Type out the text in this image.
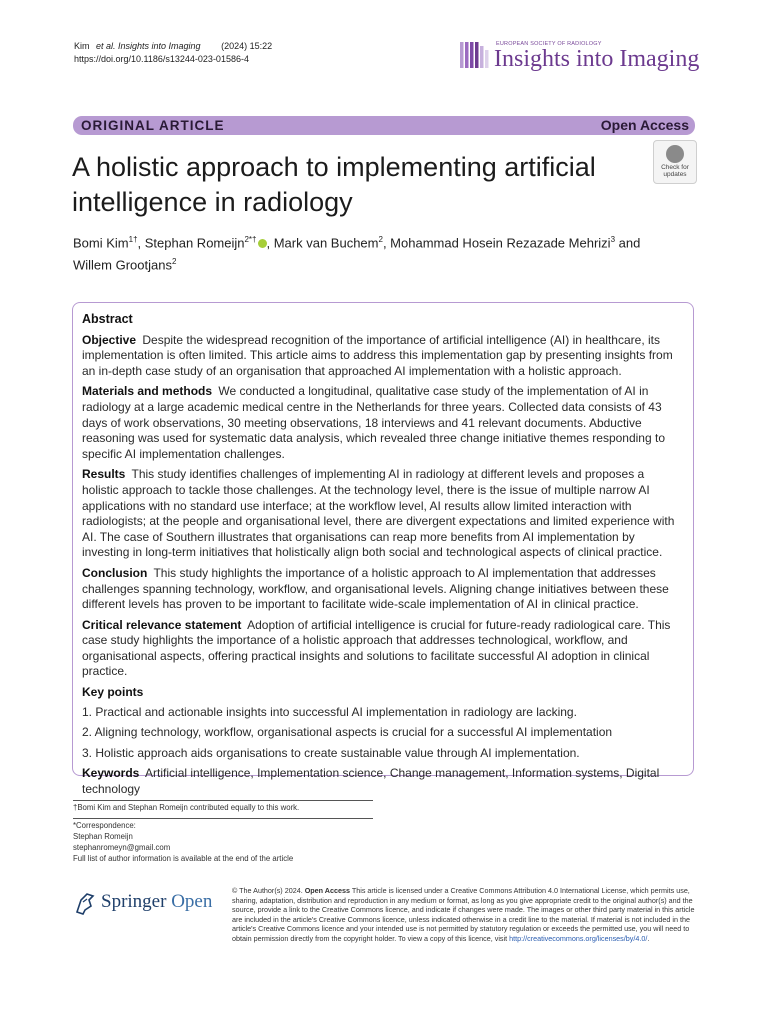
Kim et al. Insights into Imaging (2024) 15:22
https://doi.org/10.1186/s13244-023-01586-4
EUROPEAN SOCIETY OF RADIOLOGY
Insights into Imaging
ORIGINAL ARTICLE	Open Access
A holistic approach to implementing artificial intelligence in radiology
Check for
updates
Bomi Kim$^{1\dagger}$, Stephan Romeijn$^{2*\dagger}$ , Mark van Buchem$^2$, Mohammad Hosein Rezazade Mehrizi$^3$ and
Willem Grootjans$^2$
Abstract

Objective Despite the widespread recognition of the importance of artificial intelligence (AI) in healthcare, its implementation is often limited. This article aims to address this implementation gap by presenting insights from an in-depth case study of an organisation that approached AI implementation with a holistic approach.

Materials and methods We conducted a longitudinal, qualitative case study of the implementation of AI in radiology at a large academic medical centre in the Netherlands for three years. Collected data consists of 43 days of work observations, 30 meeting observations, 18 interviews and 41 relevant documents. Abductive reasoning was used for systematic data analysis, which revealed three change initiative themes responding to specific AI implementation challenges.

Results This study identifies challenges of implementing AI in radiology at different levels and proposes a holistic approach to tackle those challenges. At the technology level, there is the issue of multiple narrow AI applications with no standard use interface; at the workflow level, AI results allow limited interaction with radiologists; at the people and organisational level, there are divergent expectations and limited experience with AI. The case of Southern illustrates that organisations can reap more benefits from AI implementation by investing in long-term initiatives that holistically align both social and technological aspects of clinical practice.

Conclusion This study highlights the importance of a holistic approach to AI implementation that addresses challenges spanning technology, workflow, and organisational levels. Aligning change initiatives between these different levels has proven to be important to facilitate wide-scale implementation of AI in clinical practice.

Critical relevance statement Adoption of artificial intelligence is crucial for future-ready radiological care. This case study highlights the importance of a holistic approach that addresses technological, workflow, and organisational aspects, offering practical insights and solutions to facilitate successful AI adoption in clinical practice.

Key points

1. Practical and actionable insights into successful AI implementation in radiology are lacking.

2. Aligning technology, workflow, organisational aspects is crucial for a successful AI implementation

3. Holistic approach aids organisations to create sustainable value through AI implementation.

Keywords Artificial intelligence, Implementation science, Change management, Information systems, Digital technology

†Bomi Kim and Stephan Romeijn contributed equally to this work.
*Correspondence:
Stephan Romeijn
stephanromeyn@gmail.com
Full list of author information is available at the end of the article
Springer Open
© The Author(s) 2024. Open Access This article is licensed under a Creative Commons Attribution 4.0 International License, which permits use, sharing, adaptation, distribution and reproduction in any medium or format, as long as you give appropriate credit to the original author(s) and the source, provide a link to the Creative Commons licence, and indicate if changes were made. The images or other third party material in this article are included in the article's Creative Commons licence, unless indicated otherwise in a credit line to the material. If material is not included in the article's Creative Commons licence and your intended use is not permitted by statutory regulation or exceeds the permitted use, you will need to obtain permission directly from the copyright holder. To view a copy of this licence, visit http://creativecommons.org/licenses/by/4.0/.
